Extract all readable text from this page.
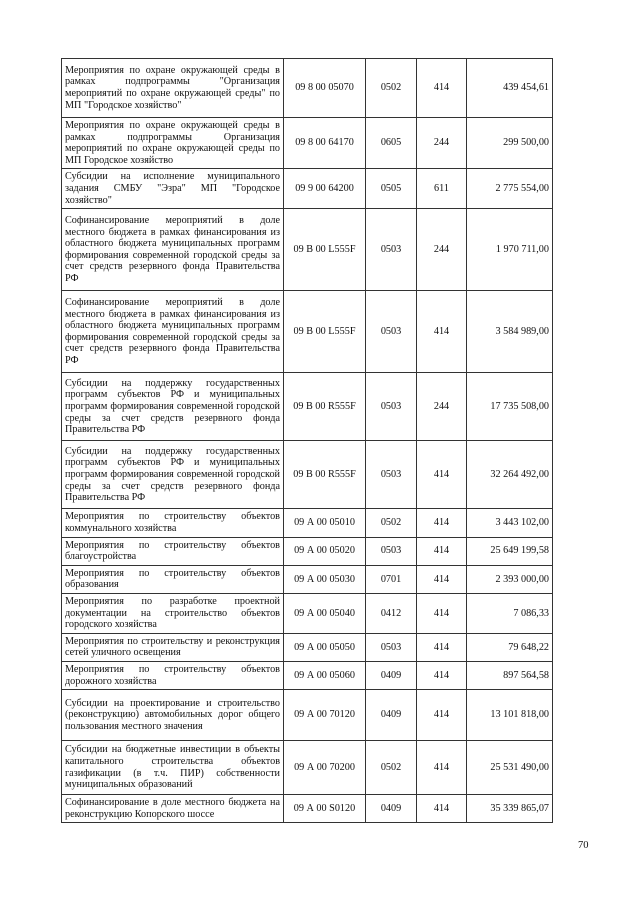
Мероприятия по охране окружающей среды в рамках подпрограммы "Организация мероприятий по охране окружающей среды" по МП "Городское хозяйство"	09 8 00 05070	0502	414	439 454,61
Мероприятия по охране окружающей среды в рамках подпрограммы Организация мероприятий по охране окружающей среды по МП Городское хозяйство	09 8 00 64170	0605	244	299 500,00
Субсидии на исполнение муниципального задания СМБУ "Эзра" МП "Городское хозяйство"	09 9 00 64200	0505	611	2 775 554,00
Софинансирование мероприятий в доле местного бюджета в рамках финансирования из областного бюджета муниципальных программ формирования современной городской среды за счет средств резервного фонда Правительства РФ	09 В 00 L555F	0503	244	1 970 711,00
Софинансирование мероприятий в доле местного бюджета в рамках финансирования из областного бюджета муниципальных программ формирования современной городской среды за счет средств резервного фонда Правительства РФ	09 В 00 L555F	0503	414	3 584 989,00
Субсидии на поддержку государственных программ субъектов РФ и муниципальных программ формирования современной городской среды за счет средств резервного фонда Правительства РФ	09 В 00 R555F	0503	244	17 735 508,00
Субсидии на поддержку государственных программ субъектов РФ и муниципальных программ формирования современной городской среды за счет средств резервного фонда Правительства РФ	09 В 00 R555F	0503	414	32 264 492,00
Мероприятия по строительству объектов коммунального хозяйства	09 А 00 05010	0502	414	3 443 102,00
Мероприятия по строительству объектов благоустройства	09 А 00 05020	0503	414	25 649 199,58
Мероприятия по строительству объектов образования	09 А 00 05030	0701	414	2 393 000,00
Мероприятия по разработке проектной документации на строительство объектов городского хозяйства	09 А 00 05040	0412	414	7 086,33
Мероприятия по строительству и реконструкция сетей уличного освещения	09 А 00 05050	0503	414	79 648,22
Мероприятия по строительству объектов дорожного хозяйства	09 А 00 05060	0409	414	897 564,58
Субсидии на проектирование и строительство (реконструкцию) автомобильных дорог общего пользования местного значения	09 А 00 70120	0409	414	13 101 818,00
Субсидии на бюджетные инвестиции в объекты капитального строительства объектов газификации (в т.ч. ПИР) собственности муниципальных образований	09 А 00 70200	0502	414	25 531 490,00
Софинансирование в доле местного бюджета на реконструкцию Копорского шоссе	09 А 00 S0120	0409	414	35 339 865,07
70
